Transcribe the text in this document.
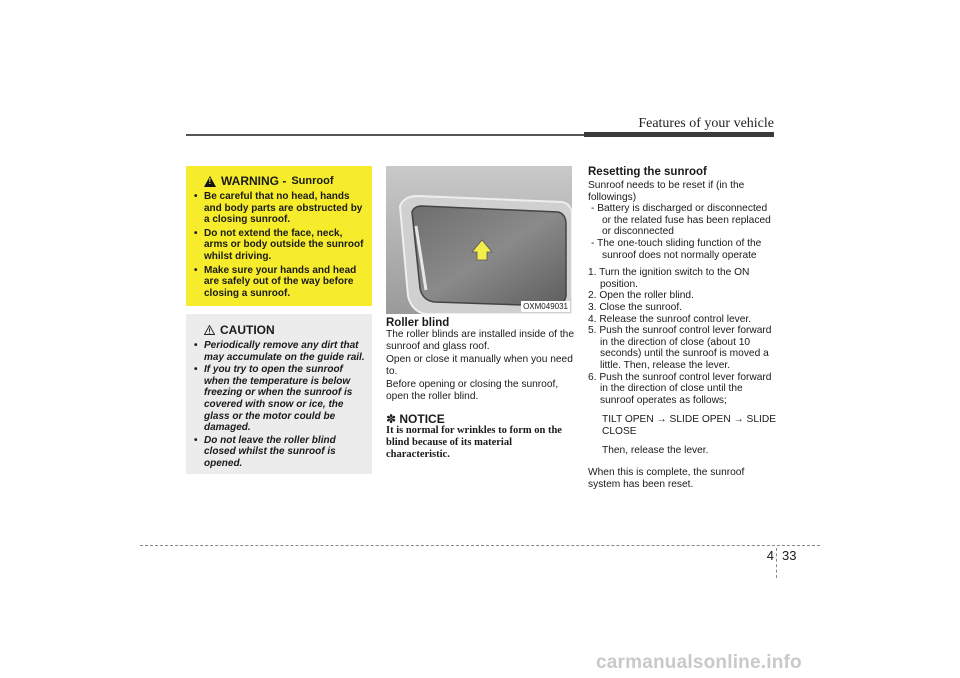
Features of your vehicle
!
WARNING - Sunroof
• Be careful that no head, hands and body parts are obstructed by a closing sunroof.
• Do not extend the face, neck, arms or body outside the sunroof whilst driving.
• Make sure your hands and head are safely out of the way before closing a sunroof.
CAUTION
• Periodically remove any dirt that may accumulate on the guide rail.
• If you try to open the sunroof when the temperature is below freezing or when the sunroof is covered with snow or ice, the glass or the motor could be damaged.
• Do not leave the roller blind closed whilst the sunroof is opened.
OXM049031
Roller blind

The roller blinds are installed inside of the sunroof and glass roof.

Open or close it manually when you need to.

Before opening or closing the sunroof, open the roller blind.

✽ NOTICE

It is normal for wrinkles to form on the blind because of its material characteristic.

Resetting the sunroof

Sunroof needs to be reset if (in the followings)

- Battery is discharged or disconnected or the related fuse has been replaced or disconnected
- The one-touch sliding function of the sunroof does not normally operate
1. Turn the ignition switch to the ON position.
2. Open the roller blind.
3. Close the sunroof.
4. Release the sunroof control lever.
5. Push the sunroof control lever forward in the direction of close (about 10 seconds) until the sunroof is moved a little. Then, release the lever.
6. Push the sunroof control lever forward in the direction of close until the sunroof operates as follows;
TILT OPEN → SLIDE OPEN → SLIDE CLOSE
Then, release the lever.

When this is complete, the sunroof system has been reset.

4 33
carmanualsonline.info
